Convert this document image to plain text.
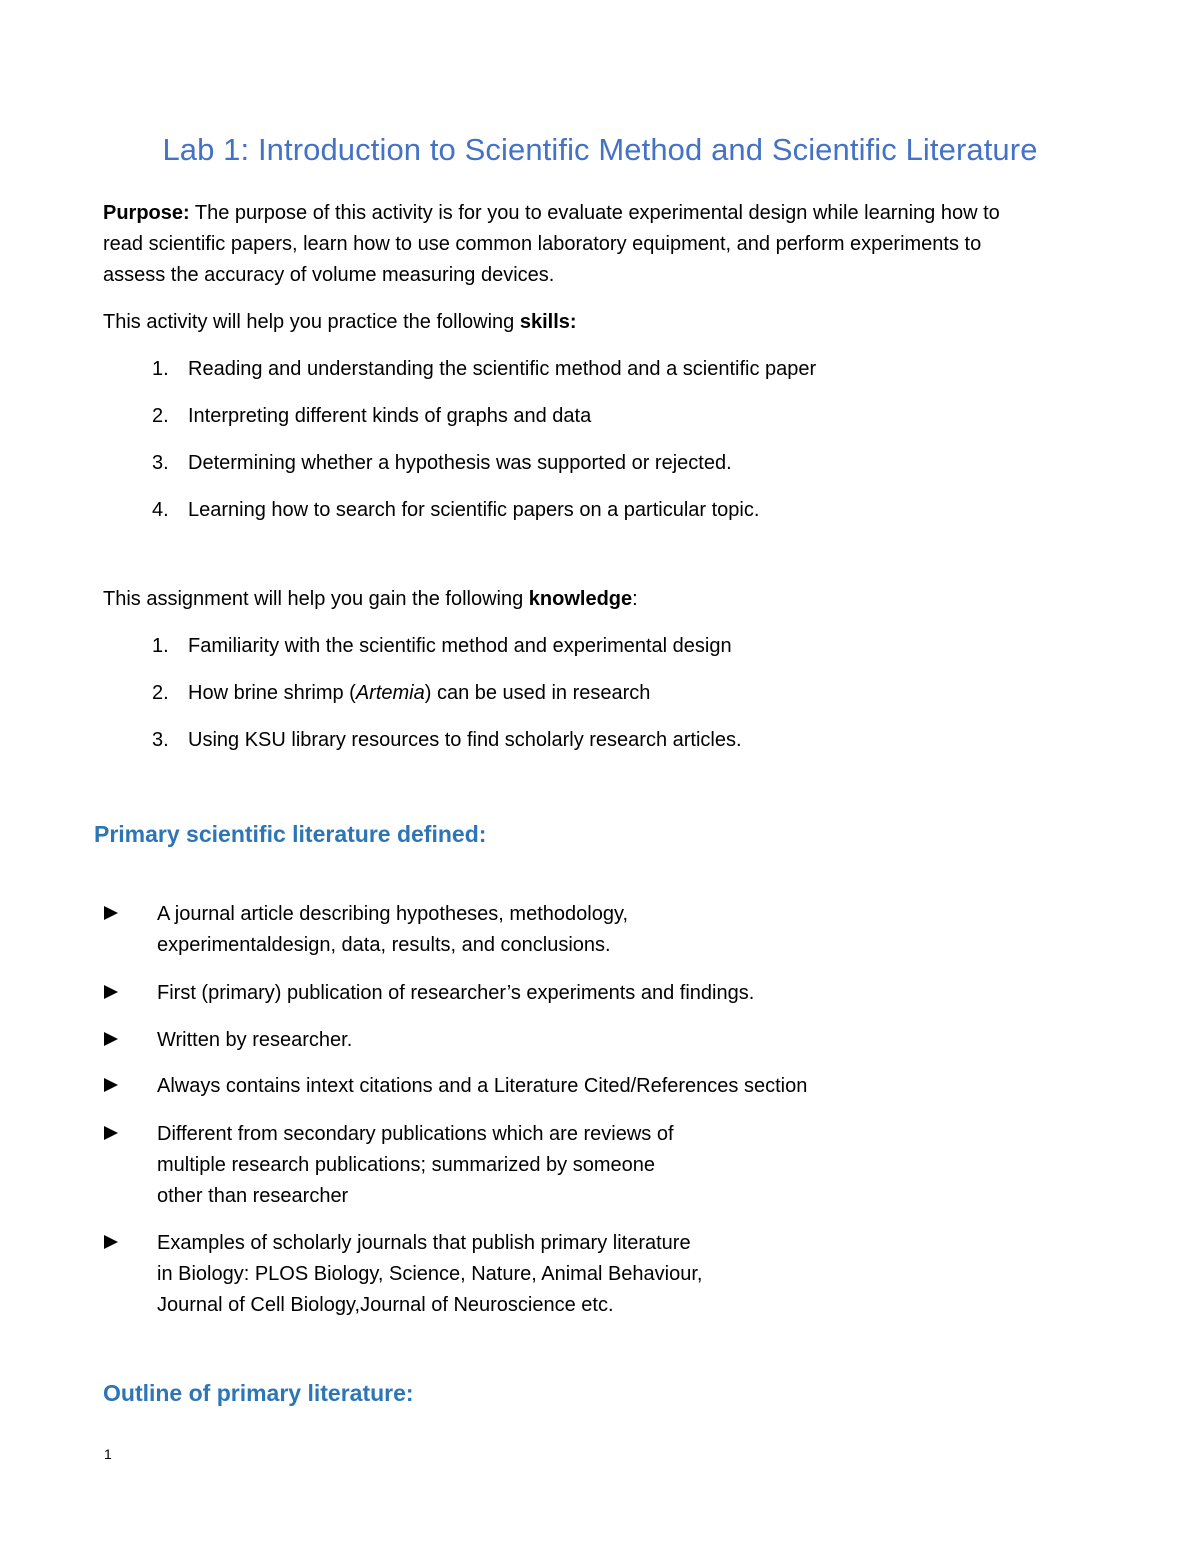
Lab 1: Introduction to Scientific Method and Scientific Literature
Purpose: The purpose of this activity is for you to evaluate experimental design while learning how to
read scientific papers, learn how to use common laboratory equipment, and perform experiments to
assess the accuracy of volume measuring devices.
This activity will help you practice the following skills:
1. Reading and understanding the scientific method and a scientific paper
2. Interpreting different kinds of graphs and data
3. Determining whether a hypothesis was supported or rejected.
4. Learning how to search for scientific papers on a particular topic.
This assignment will help you gain the following knowledge:
1. Familiarity with the scientific method and experimental design
2. How brine shrimp (Artemia) can be used in research
3. Using KSU library resources to find scholarly research articles.
Primary scientific literature defined:
A journal article describing hypotheses, methodology,
experimentaldesign, data, results, and conclusions.
First (primary) publication of researcher’s experiments and findings.
Written by researcher.
Always contains intext citations and a Literature Cited/References section
Different from secondary publications which are reviews of
multiple research publications; summarized by someone
other than researcher
Examples of scholarly journals that publish primary literature
in Biology: PLOS Biology, Science, Nature, Animal Behaviour,
Journal of Cell Biology,Journal of Neuroscience etc.
Outline of primary literature:
1
